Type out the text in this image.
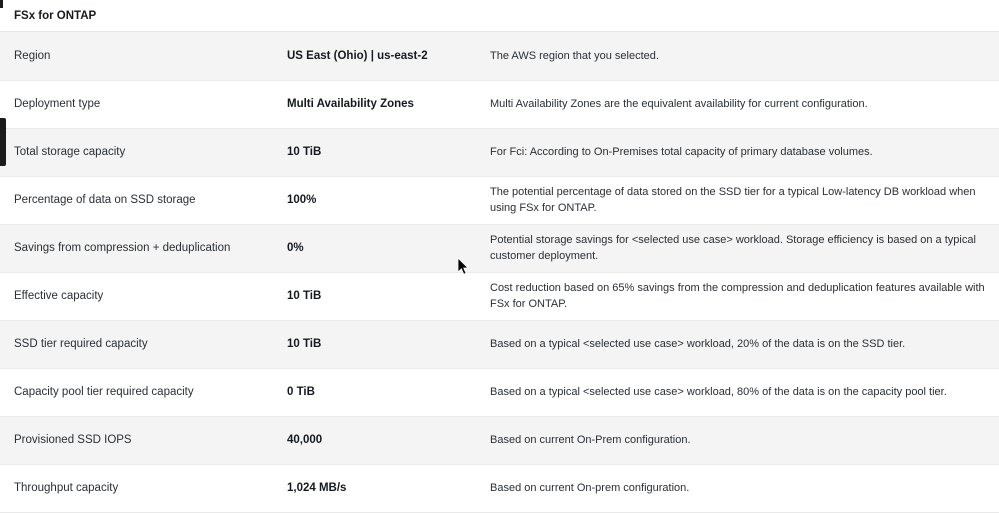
FSx for ONTAP
Region	US East (Ohio) | us-east-2	The AWS region that you selected.
Deployment type	Multi Availability Zones	Multi Availability Zones are the equivalent availability for current configuration.
Total storage capacity	10 TiB	For Fci: According to On-Premises total capacity of primary database volumes.
Percentage of data on SSD storage	100%	The potential percentage of data stored on the SSD tier for a typical Low-latency DB workload when using FSx for ONTAP.
Savings from compression + deduplication	0%	Potential storage savings for <selected use case> workload. Storage efficiency is based on a typical customer deployment.
Effective capacity	10 TiB	Cost reduction based on 65% savings from the compression and deduplication features available with FSx for ONTAP.
SSD tier required capacity	10 TiB	Based on a typical <selected use case> workload, 20% of the data is on the SSD tier.
Capacity pool tier required capacity	0 TiB	Based on a typical <selected use case> workload, 80% of the data is on the capacity pool tier.
Provisioned SSD IOPS	40,000	Based on current On-Prem configuration.
Throughput capacity	1,024 MB/s	Based on current On-prem configuration.
